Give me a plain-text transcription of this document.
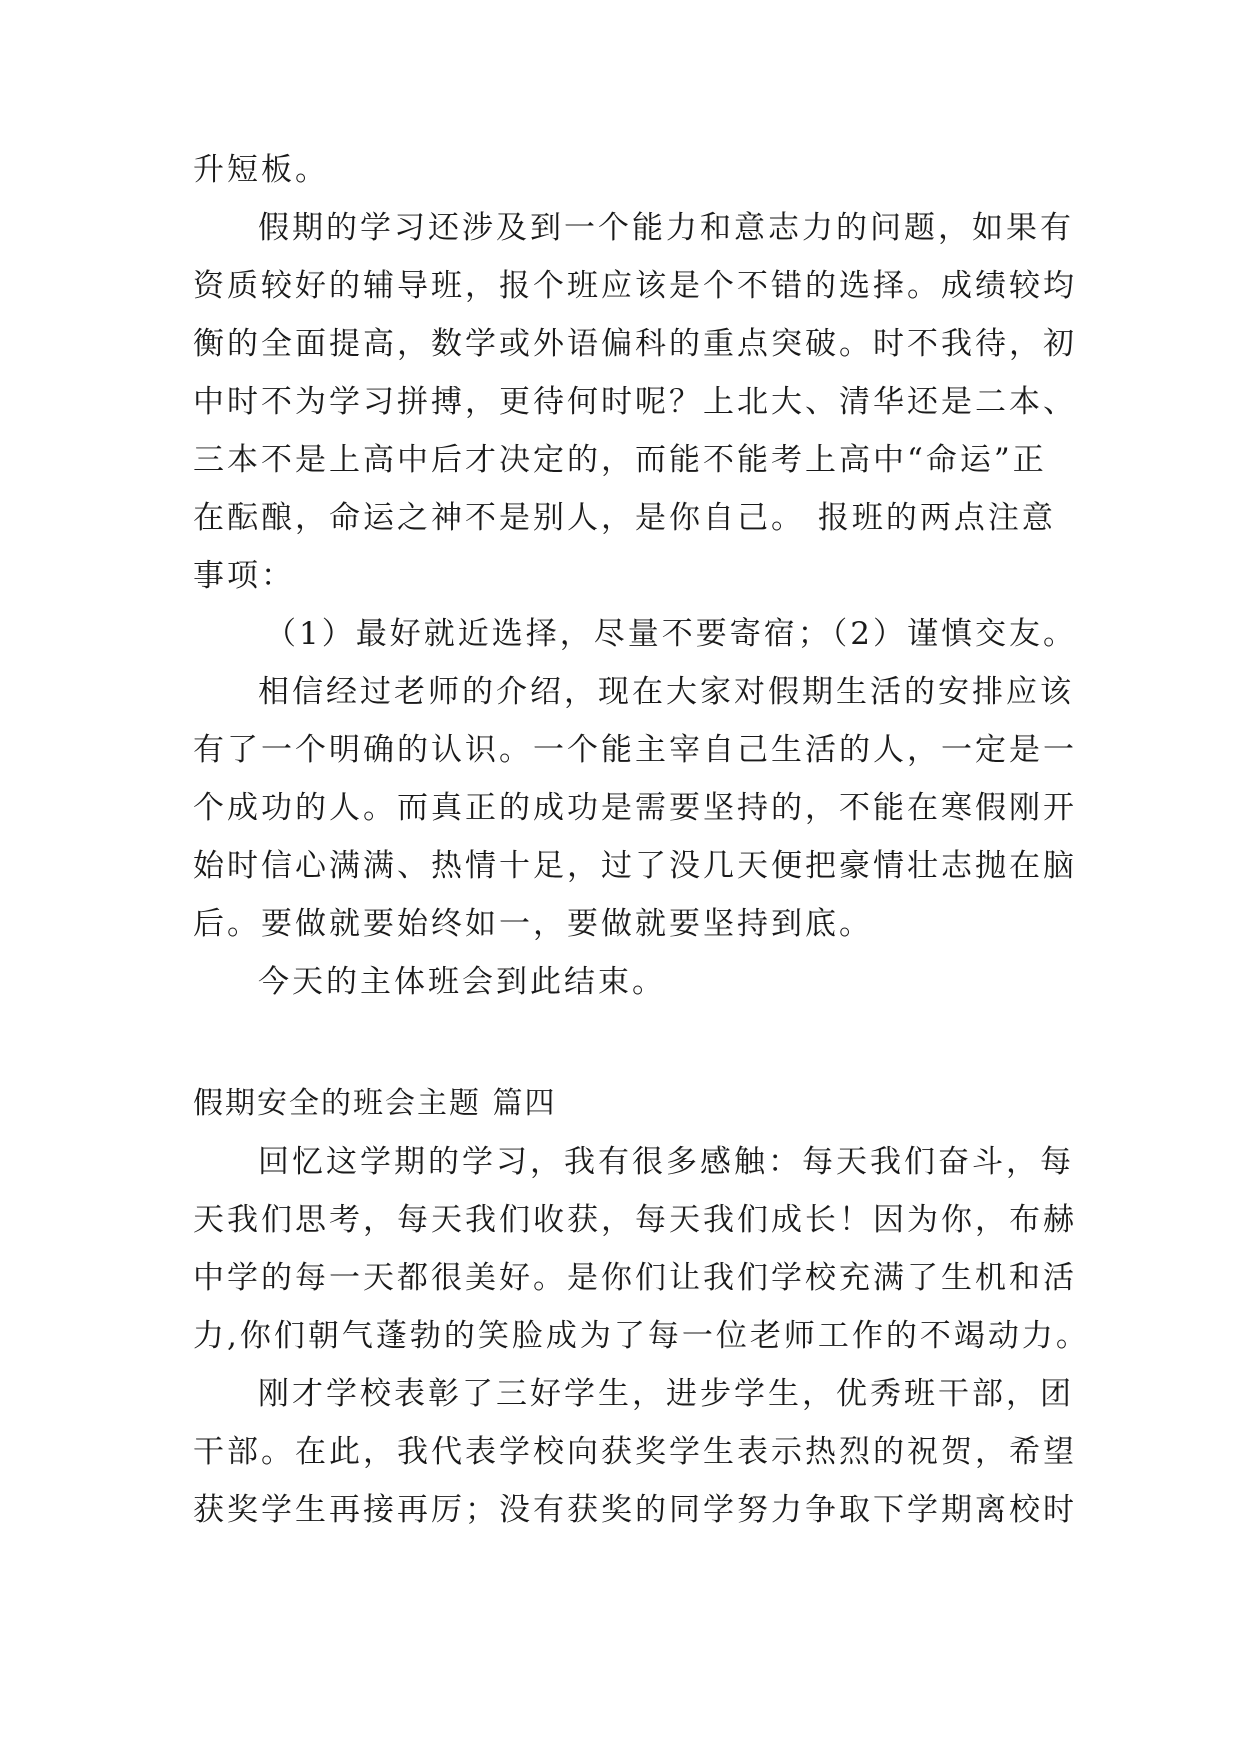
升短板。
假期的学习还涉及到一个能力和意志力的问题，如果有
资质较好的辅导班，报个班应该是个不错的选择。成绩较均
衡的全面提高，数学或外语偏科的重点突破。时不我待，初
中时不为学习拼搏，更待何时呢？上北大、清华还是二本、
三本不是上高中后才决定的，而能不能考上高中“命运”正
在酝酿，命运之神不是别人，是你自己。 报班的两点注意
事项：
（1）最好就近选择，尽量不要寄宿；（2）谨慎交友。
相信经过老师的介绍，现在大家对假期生活的安排应该
有了一个明确的认识。一个能主宰自己生活的人，一定是一
个成功的人。而真正的成功是需要坚持的，不能在寒假刚开
始时信心满满、热情十足，过了没几天便把豪情壮志抛在脑
后。要做就要始终如一，要做就要坚持到底。
今天的主体班会到此结束。
假期安全的班会主题 篇四
回忆这学期的学习，我有很多感触：每天我们奋斗，每
天我们思考，每天我们收获，每天我们成长！因为你，布赫
中学的每一天都很美好。是你们让我们学校充满了生机和活
力,你们朝气蓬勃的笑脸成为了每一位老师工作的不竭动力。
刚才学校表彰了三好学生，进步学生，优秀班干部，团
干部。在此，我代表学校向获奖学生表示热烈的祝贺，希望
获奖学生再接再厉；没有获奖的同学努力争取下学期离校时
